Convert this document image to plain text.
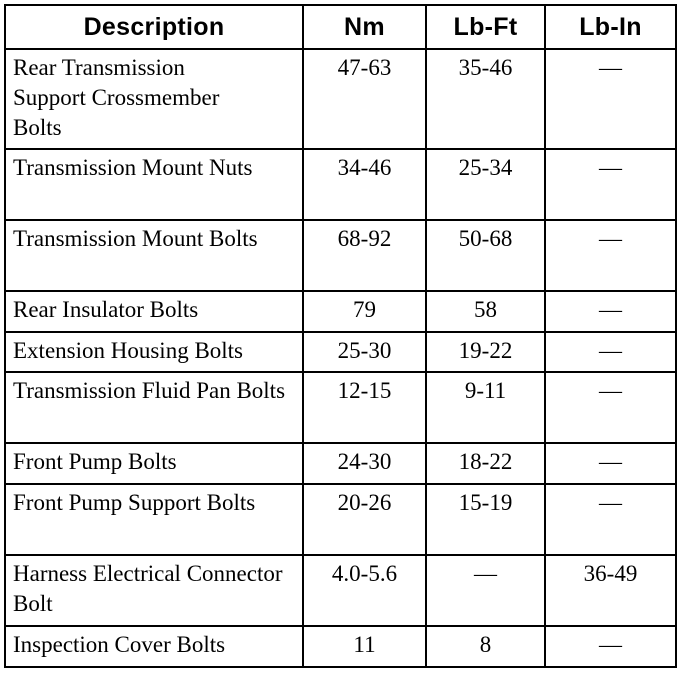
Description	Nm	Lb-Ft	Lb-In
Rear Transmission Support Crossmember Bolts	47-63	35-46	—
Transmission Mount Nuts	34-46	25-34	—
Transmission Mount Bolts	68-92	50-68	—
Rear Insulator Bolts	79	58	—
Extension Housing Bolts	25-30	19-22	—
Transmission Fluid Pan Bolts	12-15	9-11	—
Front Pump Bolts	24-30	18-22	—
Front Pump Support Bolts	20-26	15-19	—
Harness Electrical Connector Bolt	4.0-5.6	—	36-49
Inspection Cover Bolts	11	8	—
